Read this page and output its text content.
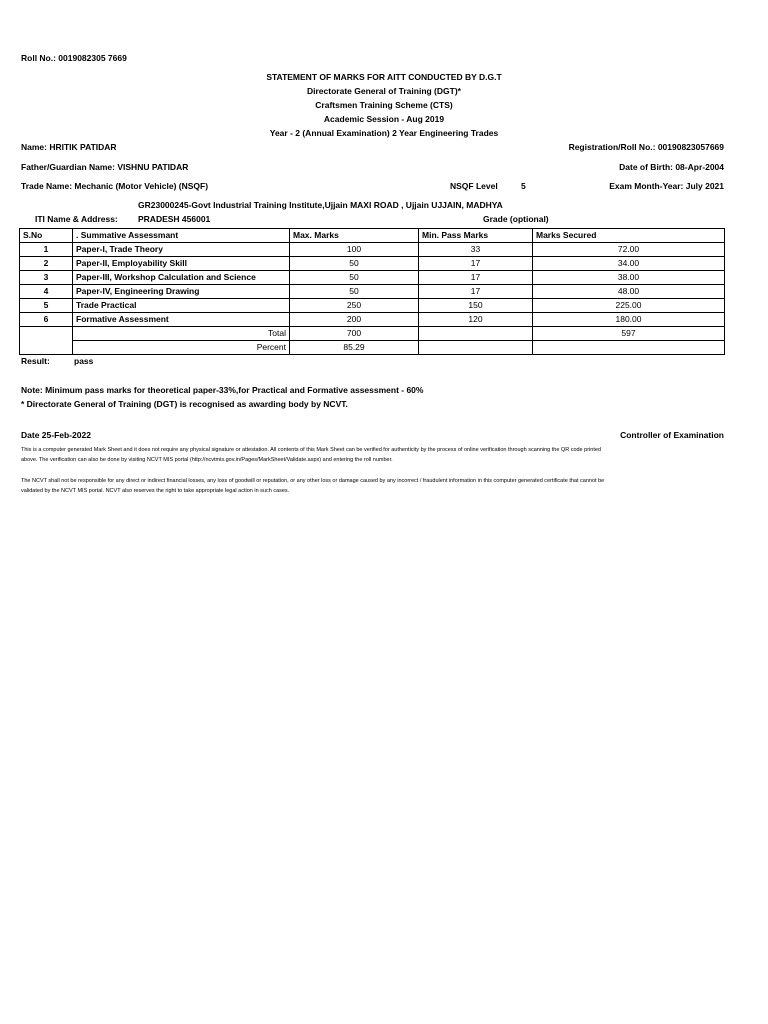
Roll No.: 0019082305 7669
STATEMENT OF MARKS FOR AITT CONDUCTED BY D.G.T
Directorate General of Training (DGT)*
Craftsmen Training Scheme (CTS)
Academic Session - Aug 2019
Year - 2 (Annual Examination) 2 Year Engineering Trades
Name: HRITIK PATIDAR	Registration/Roll No.: 00190823057669
Father/Guardian Name: VISHNU PATIDAR	Date of Birth: 08-Apr-2004
Trade Name: Mechanic (Motor Vehicle) (NSQF)	NSQF Level	5	Exam Month-Year: July 2021
GR23000245-Govt Industrial Training Institute,Ujjain MAXI ROAD , Ujjain UJJAIN, MADHYA
ITI Name & Address: PRADESH 456001	Grade (optional)
S.No	. Summative Assessmant	Max. Marks	Min. Pass Marks	Marks Secured
1	Paper-I, Trade Theory	100	33	72.00
2	Paper-II, Employability Skill	50	17	34.00
3	Paper-III, Workshop Calculation and Science	50	17	38.00
4	Paper-IV, Engineering Drawing	50	17	48.00
5	Trade Practical	250	150	225.00
6	Formative Assessment	200	120	180.00
	Total	700		597
	Percent	85.29		
Result:	pass
Note: Minimum pass marks for theoretical paper-33%,for Practical and Formative assessment - 60%
* Directorate General of Training (DGT) is recognised as awarding body by NCVT.
Date 25-Feb-2022	Controller of Examination
This is a computer generated Mark Sheet and it does not require any physical signature or attestation. All contents of this Mark Sheet can be verified for authenticity by the process of online verification through scanning the QR code printed above. The verification can also be done by visiting NCVT MIS portal (http://ncvtmis.gov.in/Pages/MarkSheet/Validate.aspx) and entering the roll number.
The NCVT shall not be responsible for any direct or indirect financial losses, any loss of goodwill or reputation, or any other loss or damage caused by any incorrect / fraudulent information in this computer generated certificate that cannot be validated by the NCVT MIS portal. NCVT also reserves the right to take appropriate legal action in such cases.
